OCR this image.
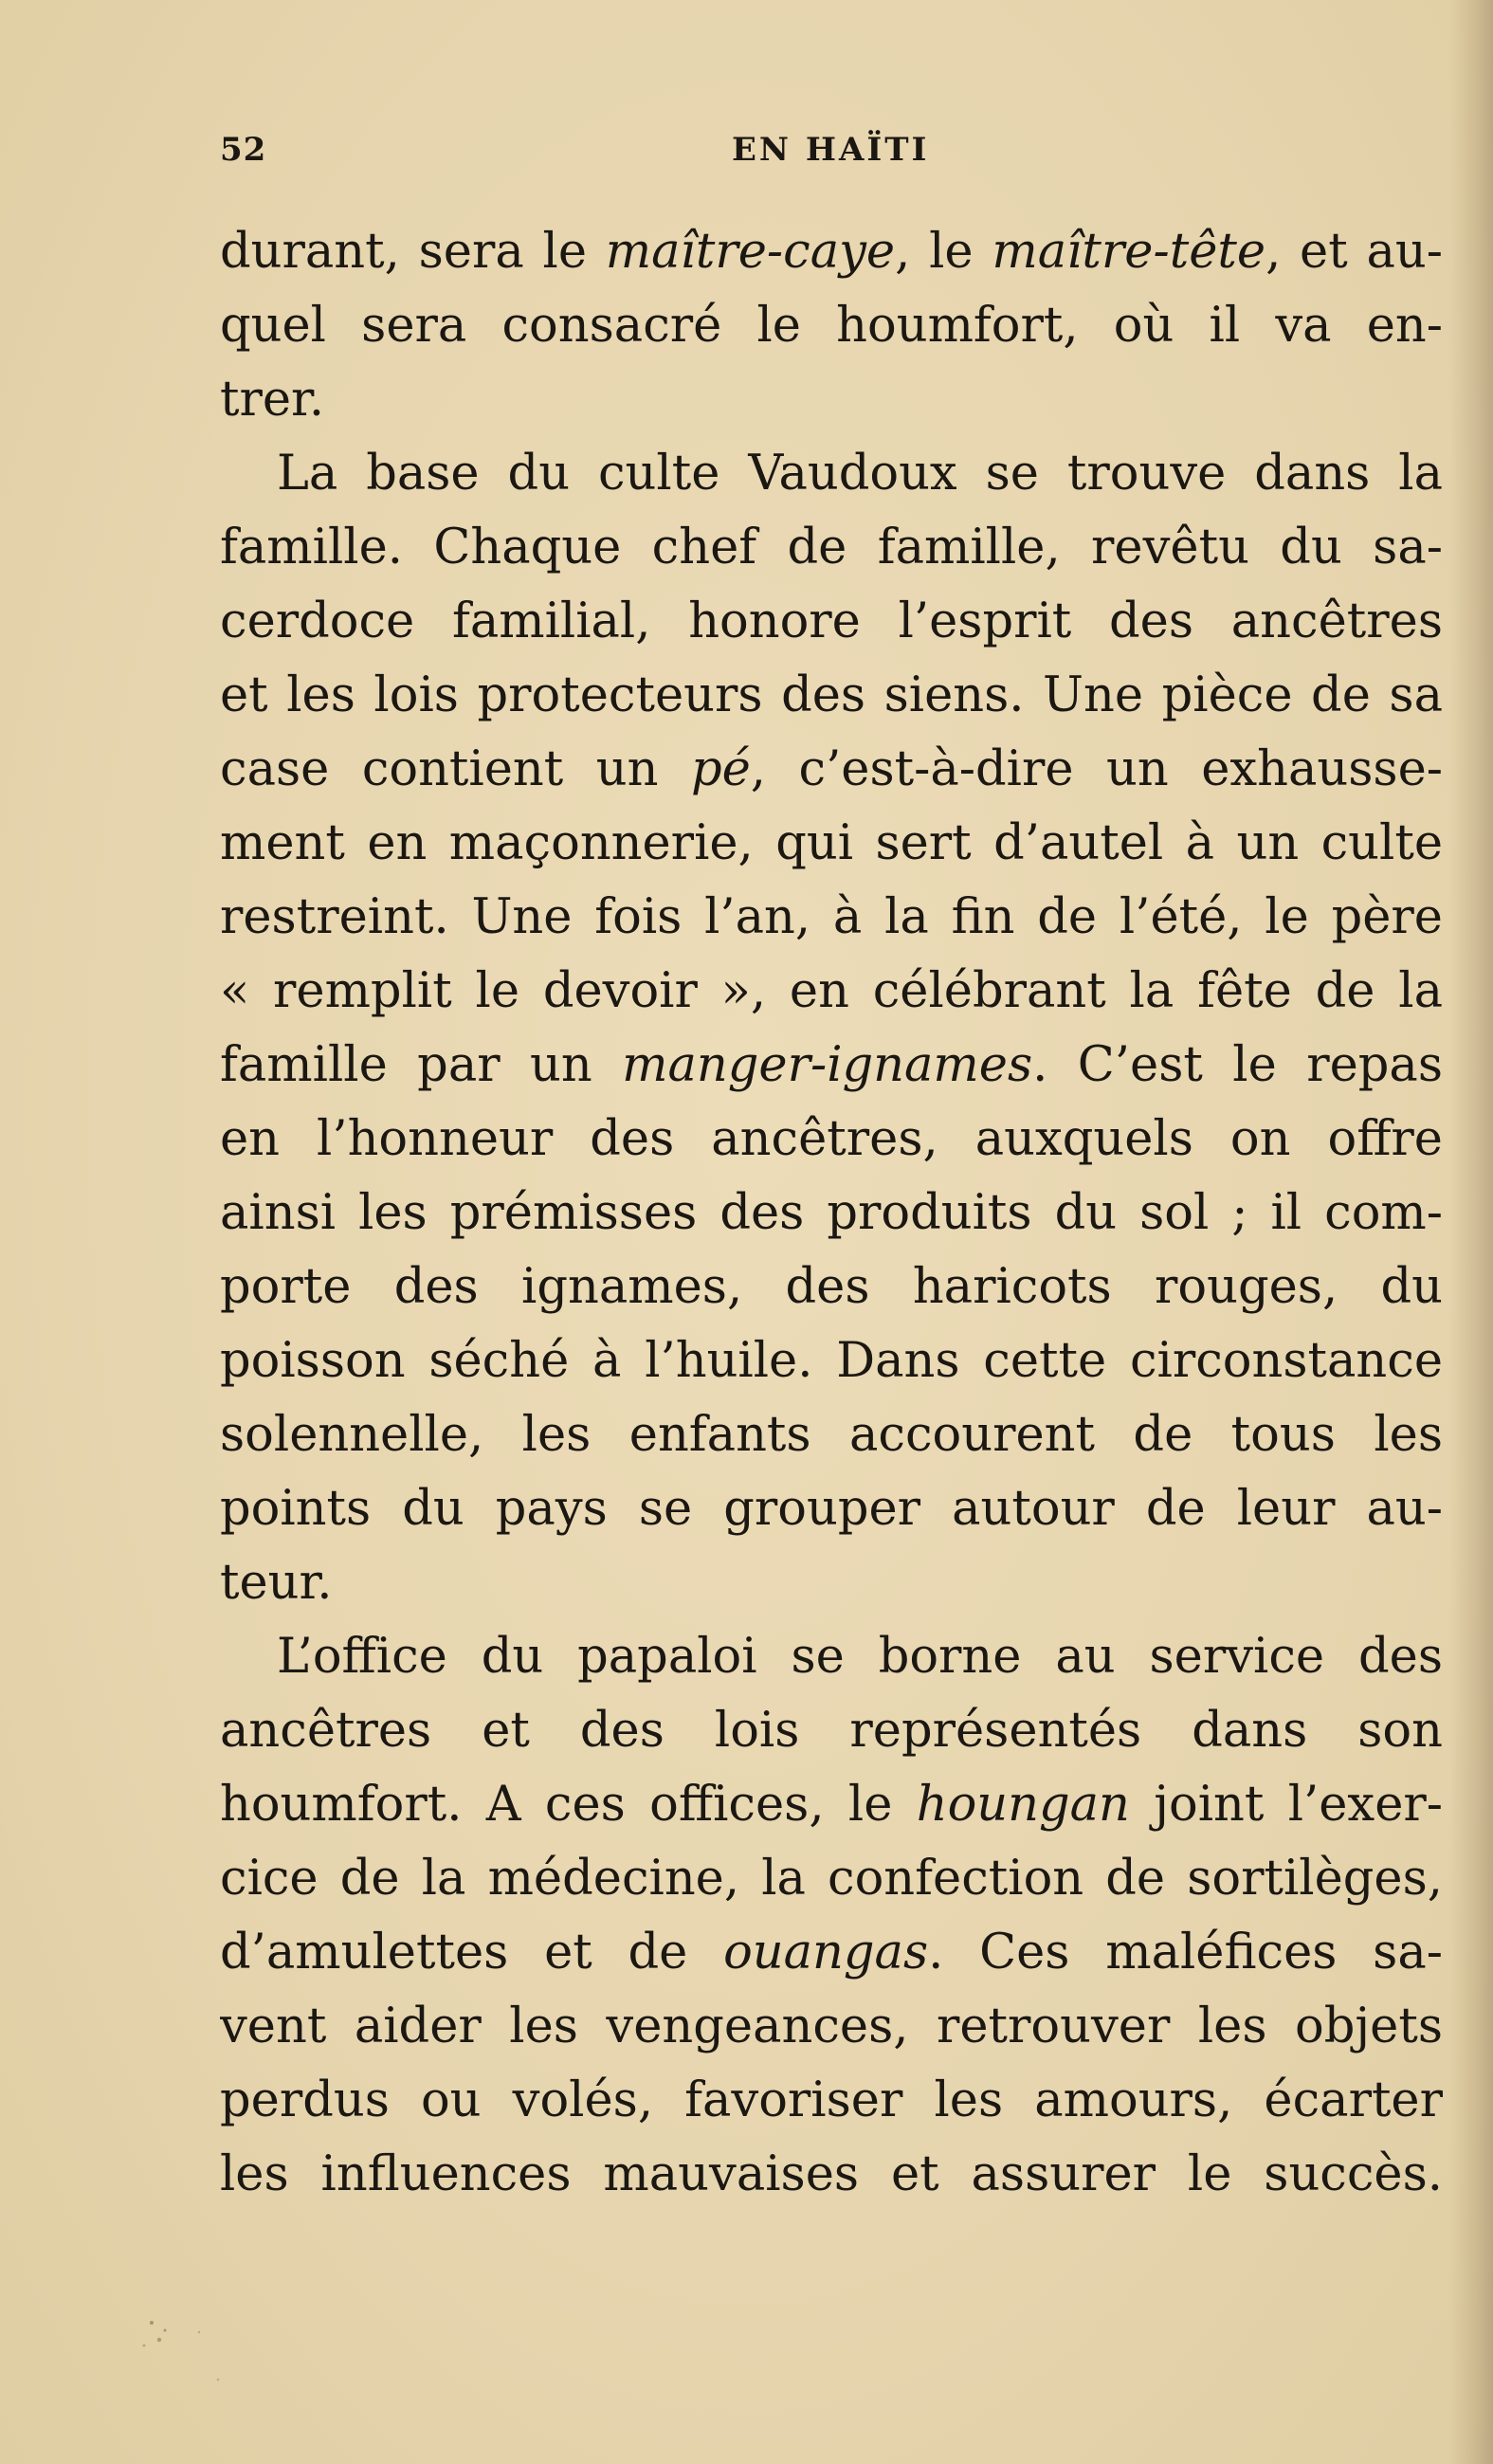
52	EN HAÏTI
durant, sera le maître-caye, le maître-tête, et au-
quel sera consacré le houmfort, où il va en-
trer.
La base du culte Vaudoux se trouve dans la
famille. Chaque chef de famille, revêtu du sa-
cerdoce familial, honore l’esprit des ancêtres
et les lois protecteurs des siens. Une pièce de sa
case contient un pé, c’est-à-dire un exhausse-
ment en maçonnerie, qui sert d’autel à un culte
restreint. Une fois l’an, à la fin de l’été, le père
« remplit le devoir », en célébrant la fête de la
famille par un manger-ignames. C’est le repas
en l’honneur des ancêtres, auxquels on offre
ainsi les prémisses des produits du sol ; il com-
porte des ignames, des haricots rouges, du
poisson séché à l’huile. Dans cette circonstance
solennelle, les enfants accourent de tous les
points du pays se grouper autour de leur au-
teur.
L’office du papaloi se borne au service des
ancêtres et des lois représentés dans son
houmfort. A ces offices, le houngan joint l’exer-
cice de la médecine, la confection de sortilèges,
d’amulettes et de ouangas. Ces maléfices sa-
vent aider les vengeances, retrouver les objets
perdus ou volés, favoriser les amours, écarter
les influences mauvaises et assurer le succès.
